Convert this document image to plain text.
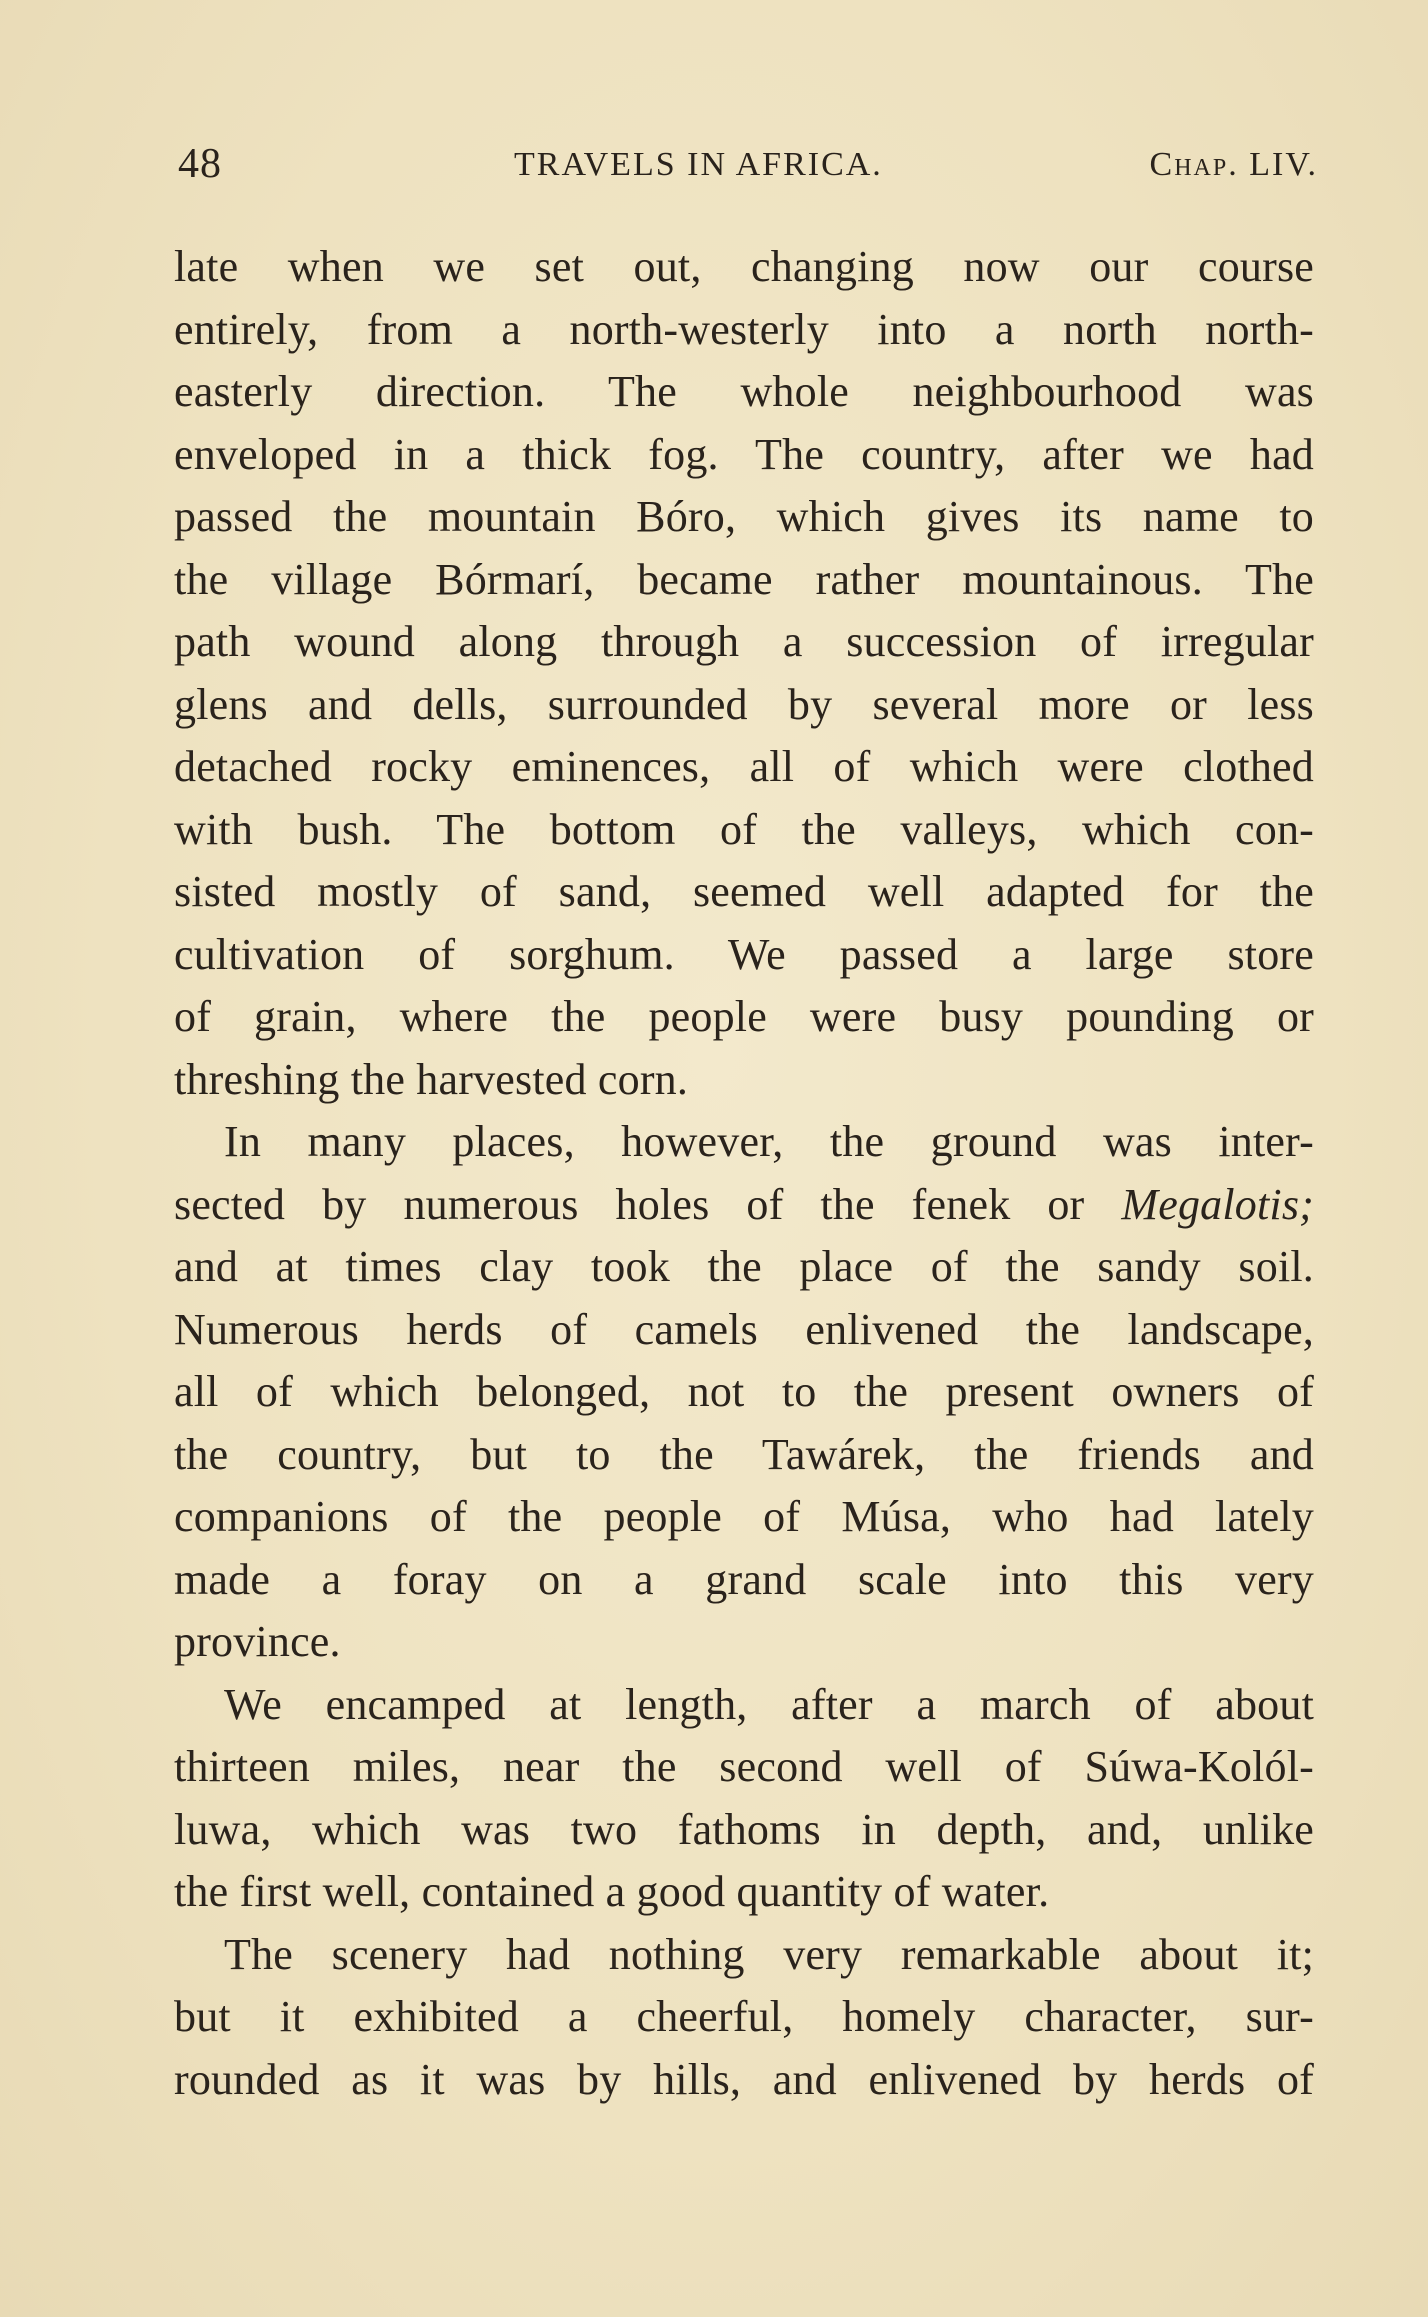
48	TRAVELS IN AFRICA.	Chap. LIV.
late when we set out, changing now our course
entirely, from a north-westerly into a north north-
easterly direction. The whole neighbourhood was
enveloped in a thick fog. The country, after we had
passed the mountain Bóro, which gives its name to
the village Bórmarí, became rather mountainous. The
path wound along through a succession of irregular
glens and dells, surrounded by several more or less
detached rocky eminences, all of which were clothed
with bush. The bottom of the valleys, which con-
sisted mostly of sand, seemed well adapted for the
cultivation of sorghum. We passed a large store
of grain, where the people were busy pounding or
threshing the harvested corn.
In many places, however, the ground was inter-
sected by numerous holes of the fenek or Megalotis;
and at times clay took the place of the sandy soil.
Numerous herds of camels enlivened the landscape,
all of which belonged, not to the present owners of
the country, but to the Tawárek, the friends and
companions of the people of Músa, who had lately
made a foray on a grand scale into this very
province.
We encamped at length, after a march of about
thirteen miles, near the second well of Súwa-Kolól-
luwa, which was two fathoms in depth, and, unlike
the first well, contained a good quantity of water.
The scenery had nothing very remarkable about it;
but it exhibited a cheerful, homely character, sur-
rounded as it was by hills, and enlivened by herds of
